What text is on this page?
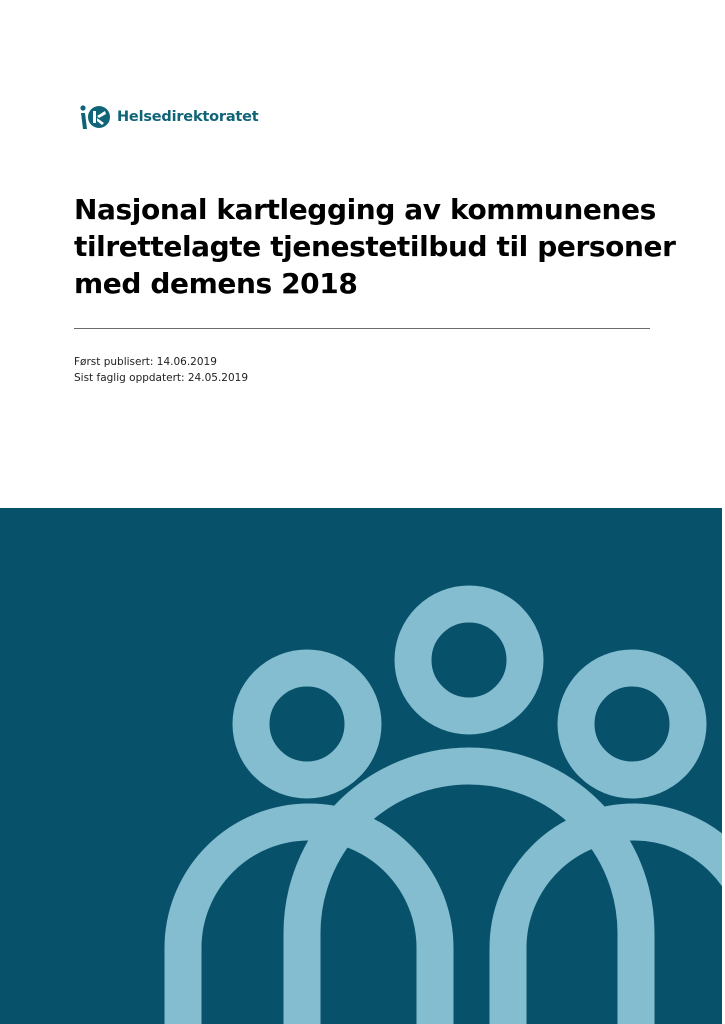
Helsedirektoratet
Nasjonal kartlegging av kommunenes
tilrettelagte tjenestetilbud til personer
med demens 2018
Først publisert: 14.06.2019
Sist faglig oppdatert: 24.05.2019
